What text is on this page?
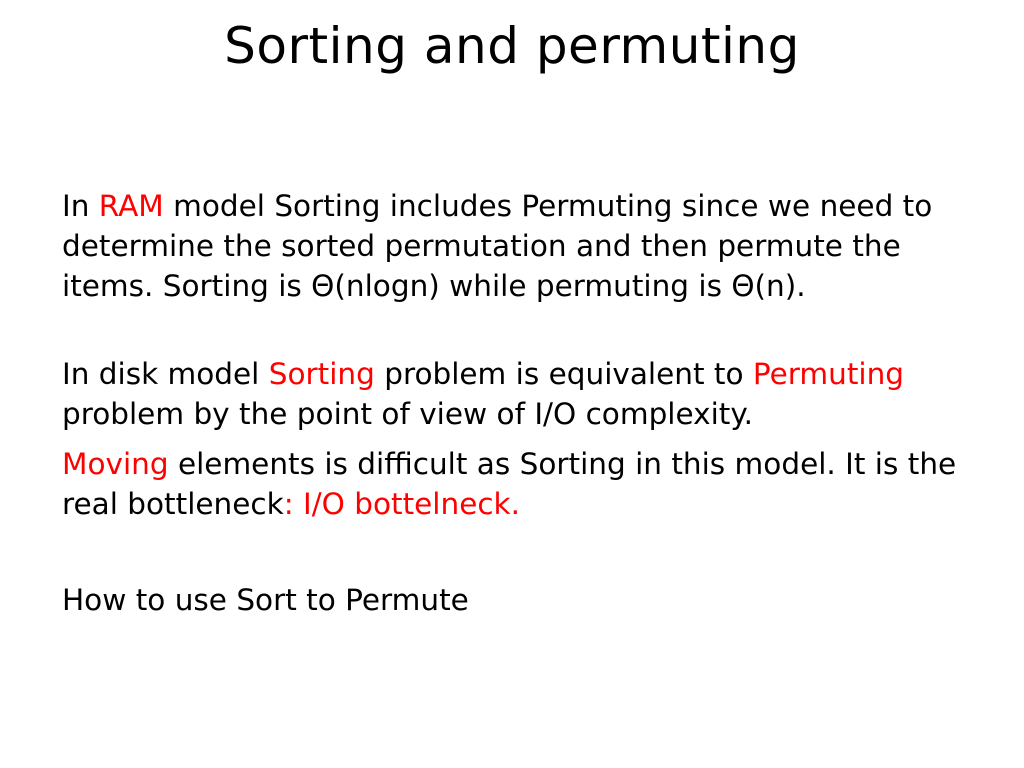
Sorting and permuting

In RAM model Sorting includes Permuting since we need to determine the sorted permutation and then permute the items. Sorting is Θ(nlogn) while permuting is Θ(n).

In disk model Sorting problem is equivalent to Permuting problem by the point of view of I/O complexity.

Moving elements is difficult as Sorting in this model. It is the real bottleneck: I/O bottelneck.

How to use Sort to Permute
